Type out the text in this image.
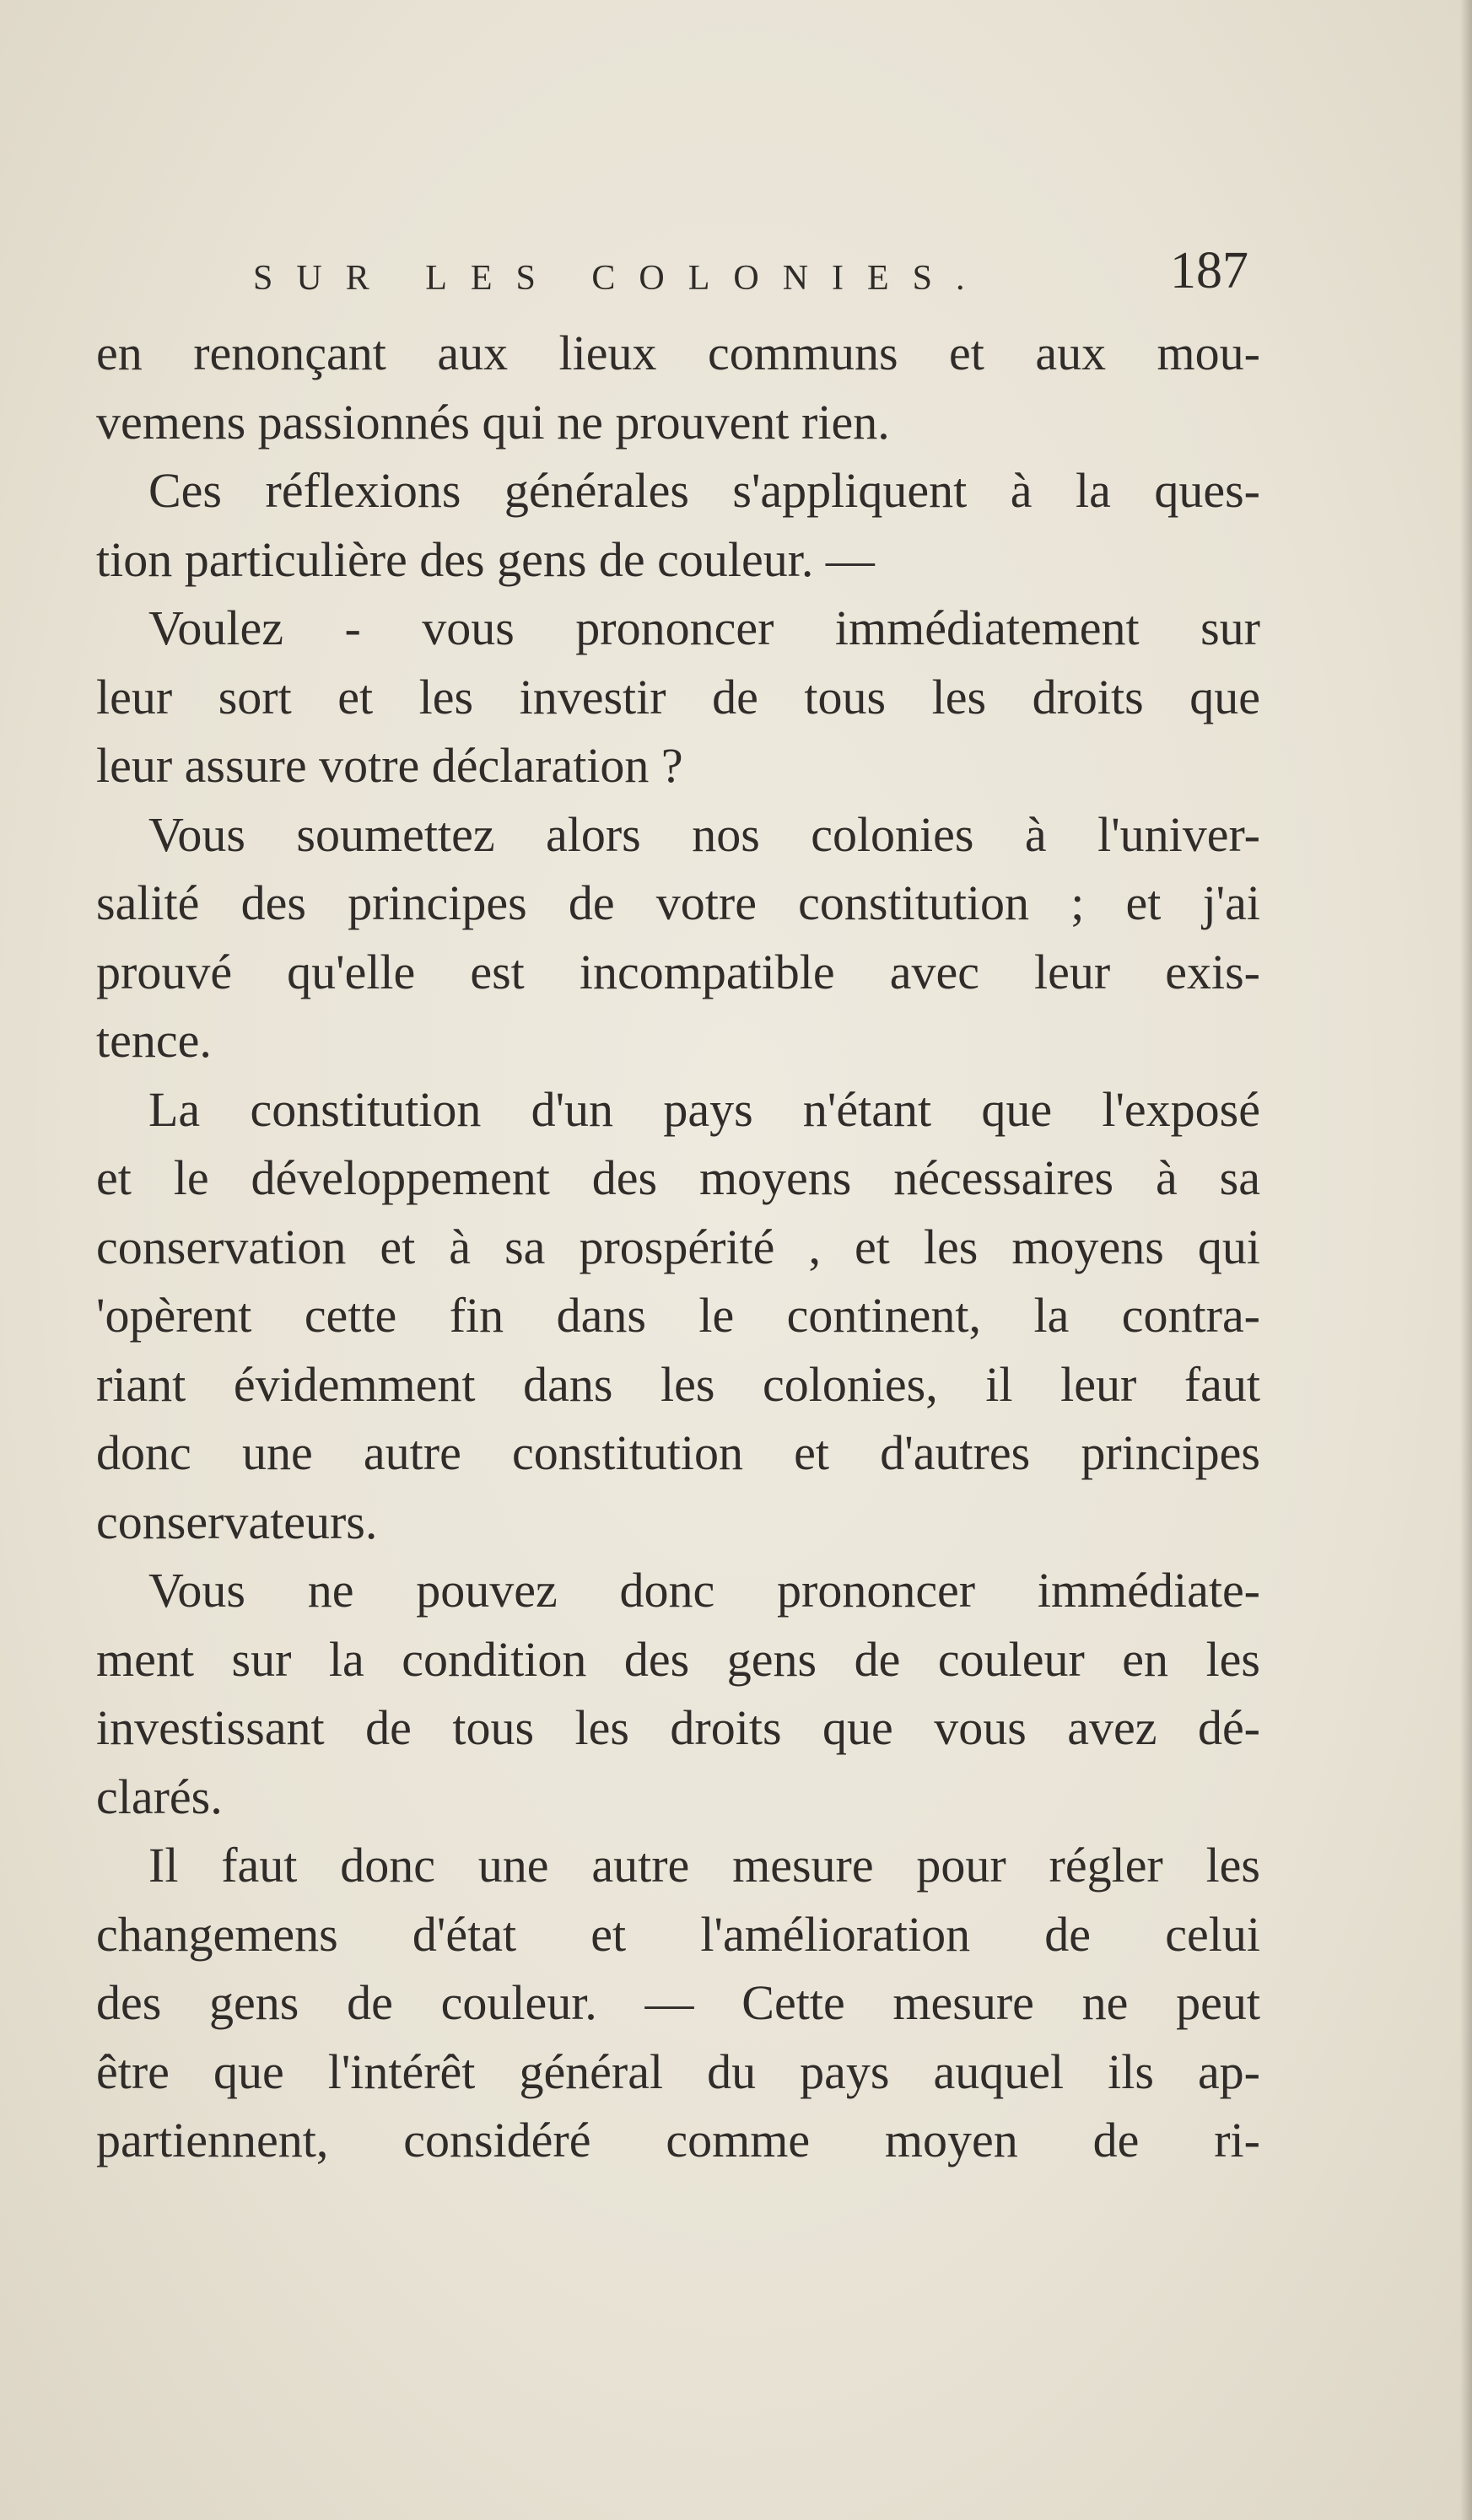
SUR LES COLONIES.	187
en renonçant aux lieux communs et aux mou-
vemens passionnés qui ne prouvent rien.
Ces réflexions générales s'appliquent à la ques-
tion particulière des gens de couleur. —
Voulez - vous prononcer immédiatement sur
leur sort et les investir de tous les droits que
leur assure votre déclaration ?
Vous soumettez alors nos colonies à l'univer-
salité des principes de votre constitution ; et j'ai
prouvé qu'elle est incompatible avec leur exis-
tence.
La constitution d'un pays n'étant que l'exposé
et le développement des moyens nécessaires à sa
conservation et à sa prospérité , et les moyens qui
'opèrent cette fin dans le continent, la contra-
riant évidemment dans les colonies, il leur faut
donc une autre constitution et d'autres principes
conservateurs.
Vous ne pouvez donc prononcer immédiate-
ment sur la condition des gens de couleur en les
investissant de tous les droits que vous avez dé-
clarés.
Il faut donc une autre mesure pour régler les
changemens d'état et l'amélioration de celui
des gens de couleur. — Cette mesure ne peut
être que l'intérêt général du pays auquel ils ap-
partiennent, considéré comme moyen de ri-
